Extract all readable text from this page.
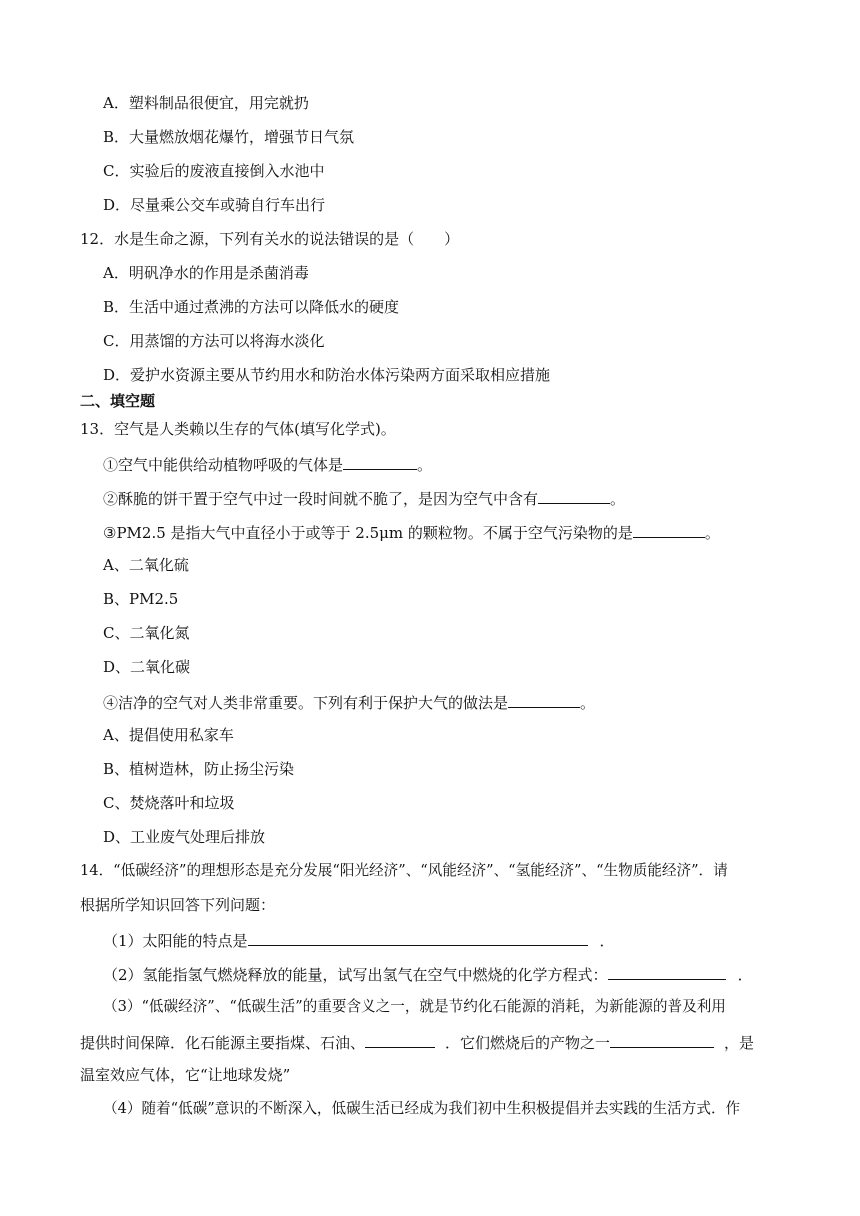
A．塑料制品很便宜，用完就扔
B．大量燃放烟花爆竹，增强节日气氛
C．实验后的废液直接倒入水池中
D．尽量乘公交车或骑自行车出行
12．水是生命之源，下列有关水的说法错误的是（　　）
A．明矾净水的作用是杀菌消毒
B．生活中通过煮沸的方法可以降低水的硬度
C．用蒸馏的方法可以将海水淡化
D．爱护水资源主要从节约用水和防治水体污染两方面采取相应措施
二、填空题
13．空气是人类赖以生存的气体(填写化学式)。
①空气中能供给动植物呼吸的气体是	。
②酥脆的饼干置于空气中过一段时间就不脆了，是因为空气中含有	。
③PM2.5 是指大气中直径小于或等于 2.5μm 的颗粒物。不属于空气污染物的是	。
A、二氧化硫
B、PM2.5
C、二氧化氮
D、二氧化碳
④洁净的空气对人类非常重要。下列有利于保护大气的做法是	。
A、提倡使用私家车
B、植树造林，防止扬尘污染
C、焚烧落叶和垃圾
D、工业废气处理后排放
14．“低碳经济”的理想形态是充分发展“阳光经济”、“风能经济”、“氢能经济”、“生物质能经济”．请
根据所学知识回答下列问题：
（1）太阳能的特点是	．
（2）氢能指氢气燃烧释放的能量，试写出氢气在空气中燃烧的化学方程式：	．
（3）“低碳经济”、“低碳生活”的重要含义之一，就是节约化石能源的消耗，为新能源的普及利用
提供时间保障．化石能源主要指煤、石油、	．它们燃烧后的产物之一	，是
温室效应气体，它“让地球发烧”
（4）随着“低碳”意识的不断深入，低碳生活已经成为我们初中生积极提倡并去实践的生活方式．作
